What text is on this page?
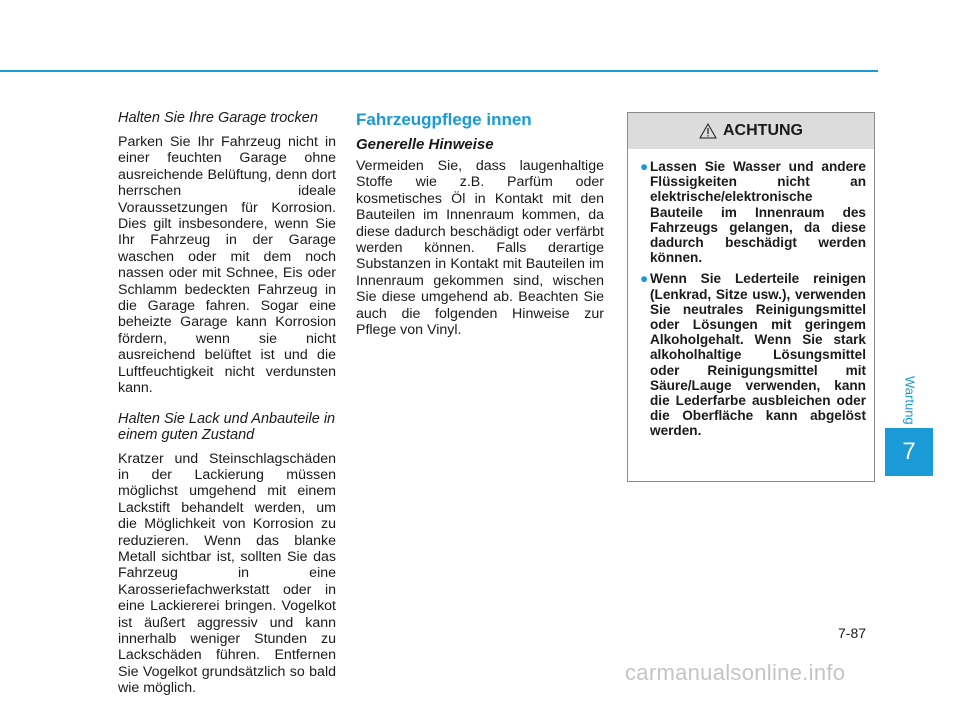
Halten Sie Ihre Garage trocken

Parken Sie Ihr Fahrzeug nicht in einer feuchten Garage ohne ausreichende Belüftung, denn dort herrschen ideale Voraussetzungen für Korrosion. Dies gilt insbesondere, wenn Sie Ihr Fahrzeug in der Garage waschen oder mit dem noch nassen oder mit Schnee, Eis oder Schlamm bedeckten Fahrzeug in die Garage fahren. Sogar eine beheizte Garage kann Korrosion fördern, wenn sie nicht ausreichend belüftet ist und die Luftfeuchtigkeit nicht verdunsten kann.

Halten Sie Lack und Anbauteile in einem guten Zustand

Kratzer und Steinschlagschäden in der Lackierung müssen möglichst umgehend mit einem Lackstift behandelt werden, um die Möglichkeit von Korrosion zu reduzieren. Wenn das blanke Metall sichtbar ist, sollten Sie das Fahrzeug in eine Karosseriefachwerkstatt oder in eine Lackiererei bringen. Vogelkot ist äußert aggressiv und kann innerhalb weniger Stunden zu Lackschäden führen. Entfernen Sie Vogelkot grundsätzlich so bald wie möglich.

Fahrzeugpflege innen
Generelle Hinweise

Vermeiden Sie, dass laugenhaltige Stoffe wie z.B. Parfüm oder kosmetisches Öl in Kontakt mit den Bauteilen im Innenraum kommen, da diese dadurch beschädigt oder verfärbt werden können. Falls derartige Substanzen in Kontakt mit Bauteilen im Innenraum gekommen sind, wischen Sie diese umgehend ab. Beachten Sie auch die folgenden Hinweise zur Pflege von Vinyl.

ACHTUNG
● Lassen Sie Wasser und andere Flüssigkeiten nicht an elektrische/elektronische Bauteile im Innenraum des Fahrzeugs gelangen, da diese dadurch beschädigt werden können.
● Wenn Sie Lederteile reinigen (Lenkrad, Sitze usw.), verwenden Sie neutrales Reinigungsmittel oder Lösungen mit geringem Alkoholgehalt. Wenn Sie stark alkoholhaltige Lösungsmittel oder Reinigungsmittel mit Säure/Lauge verwenden, kann die Lederfarbe ausbleichen oder die Oberfläche kann abgelöst werden.
Wartung
7
7-87
carmanualsonline.info
